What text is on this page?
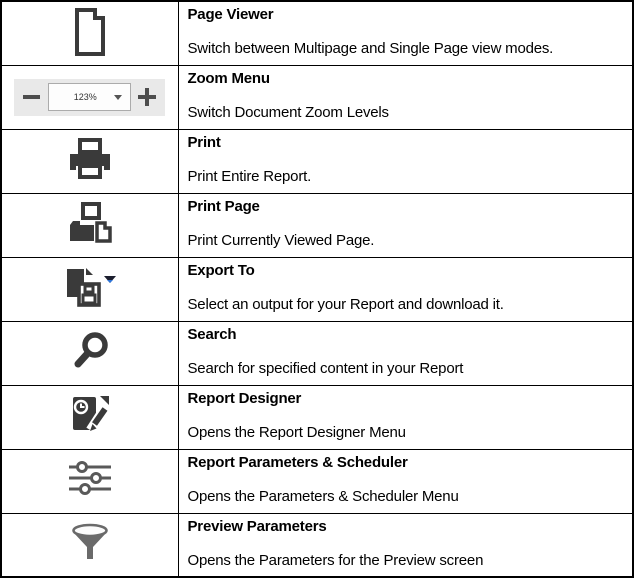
Page Viewer
Switch between Multipage and Single Page view modes.

123%	Zoom Menu
Switch Document Zoom Levels

Print
Print Entire Report.

Print Page
Print Currently Viewed Page.

Export To
Select an output for your Report and download it.

Search
Search for specified content in your Report

Report Designer
Opens the Report Designer Menu

Report Parameters & Scheduler
Opens the Parameters & Scheduler Menu

Preview Parameters
Opens the Parameters for the Preview screen
